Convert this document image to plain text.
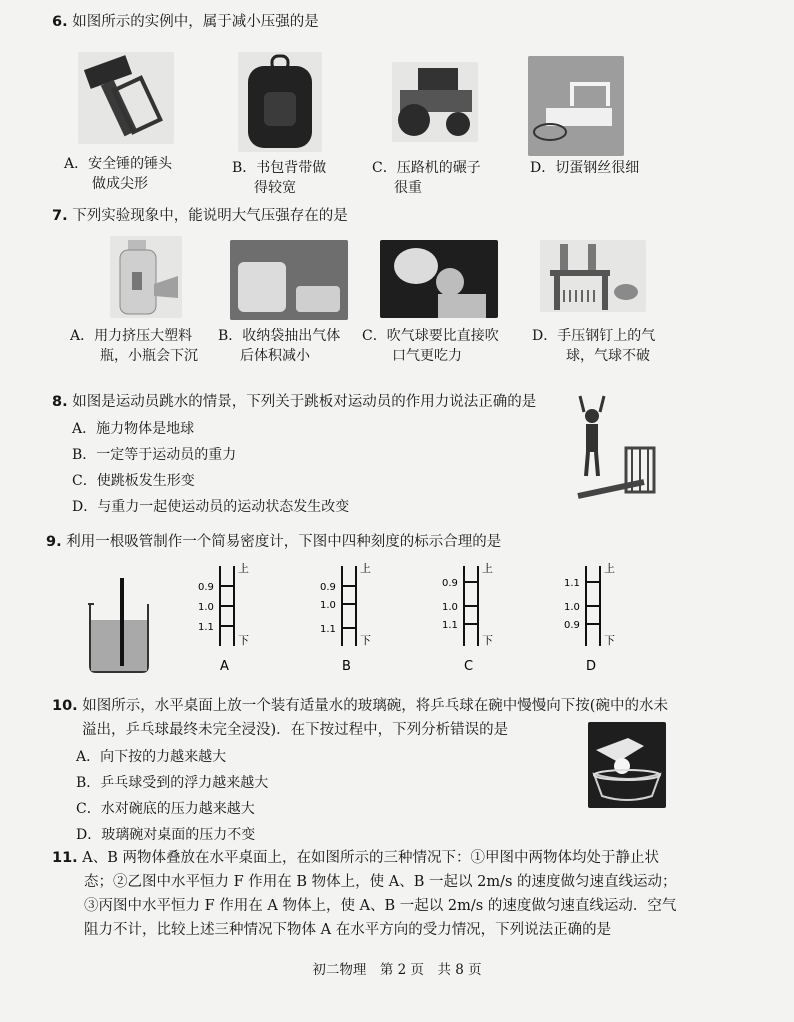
6. 如图所示的实例中，属于减小压强的是
A．安全锤的锤头
做成尖形
B．书包背带做
得较宽
C．压路机的碾子
很重
D．切蛋钢丝很细
7. 下列实验现象中，能说明大气压强存在的是
A．用力挤压大塑料
瓶，小瓶会下沉
B．收纳袋抽出气体
后体积减小
C．吹气球要比直接吹
口气更吃力
D．手压钢钉上的气
球，气球不破
8. 如图是运动员跳水的情景，下列关于跳板对运动员的作用力说法正确的是
A．施力物体是地球
B．一定等于运动员的重力
C．使跳板发生形变
D．与重力一起使运动员的运动状态发生改变
9. 利用一根吸管制作一个简易密度计，下图中四种刻度的标示合理的是
上
下
0.9
1.0
1.1
A
上
下
0.9
1.0
1.1
B
上
下
0.9
1.0
1.1
C
上
下
1.1
1.0
0.9
D
10. 如图所示，水平桌面上放一个装有适量水的玻璃碗，将乒乓球在碗中慢慢向下按(碗中的水未
溢出，乒乓球最终未完全浸没)．在下按过程中，下列分析错误的是
A．向下按的力越来越大
B．乒乓球受到的浮力越来越大
C．水对碗底的压力越来越大
D．玻璃碗对桌面的压力不变
11. A、B 两物体叠放在水平桌面上，在如图所示的三种情况下：①甲图中两物体均处于静止状
态；②乙图中水平恒力 F 作用在 B 物体上，使 A、B 一起以 2m/s 的速度做匀速直线运动；
③丙图中水平恒力 F 作用在 A 物体上，使 A、B 一起以 2m/s 的速度做匀速直线运动．空气
阻力不计，比较上述三种情况下物体 A 在水平方向的受力情况，下列说法正确的是
初二物理　第 2 页　共 8 页
